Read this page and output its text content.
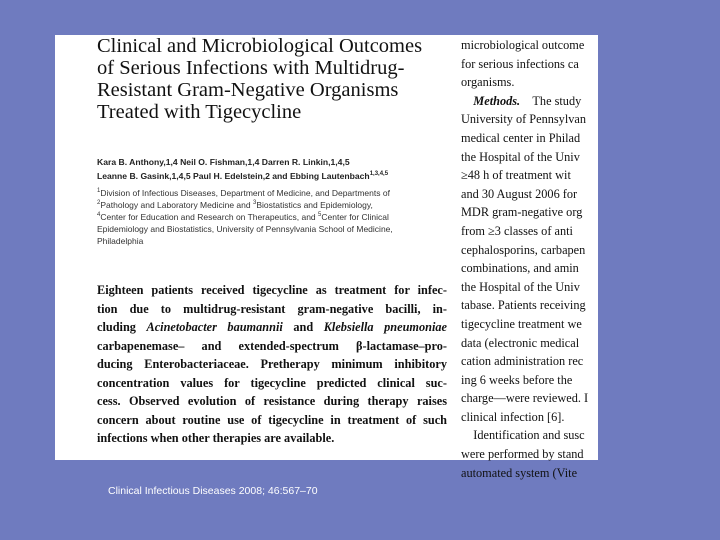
Clinical and Microbiological Outcomes
of Serious Infections with Multidrug-
Resistant Gram-Negative Organisms
Treated with Tigecycline
Kara B. Anthony,1,4 Neil O. Fishman,1,4 Darren R. Linkin,1,4,5
Leanne B. Gasink,1,4,5 Paul H. Edelstein,2 and Ebbing Lautenbach$^{1,3,4,5}$
$^1$Division of Infectious Diseases, Department of Medicine, and Departments of
$^2$Pathology and Laboratory Medicine and $^3$Biostatistics and Epidemiology,
$^4$Center for Education and Research on Therapeutics, and $^5$Center for Clinical
Epidemiology and Biostatistics, University of Pennsylvania School of Medicine,
Philadelphia
Eighteen patients received tigecycline as treatment for infec-
tion due to multidrug-resistant gram-negative bacilli, in-
cluding Acinetobacter baumannii and Klebsiella pneumoniae
carbapenemase– and extended-spectrum β-lactamase–pro-
ducing Enterobacteriaceae. Pretherapy minimum inhibitory
concentration values for tigecycline predicted clinical suc-
cess. Observed evolution of resistance during therapy raises
concern about routine use of tigecycline in treatment of such
infections when other therapies are available.
microbiological outcome
for serious infections ca
organisms.
 Methods.  The study
University of Pennsylvan
medical center in Philad
the Hospital of the Univ
≥48 h of treatment wit
and 30 August 2006 for
MDR gram-negative org
from ≥3 classes of anti
cephalosporins, carbapen
combinations, and amin
the Hospital of the Univ
tabase. Patients receiving
tigecycline treatment we
data (electronic medical
cation administration rec
ing 6 weeks before the
charge—were reviewed. I
clinical infection [6].
 Identification and susc
were performed by stand
automated system (Vite
Clinical Infectious Diseases 2008; 46:567–70
